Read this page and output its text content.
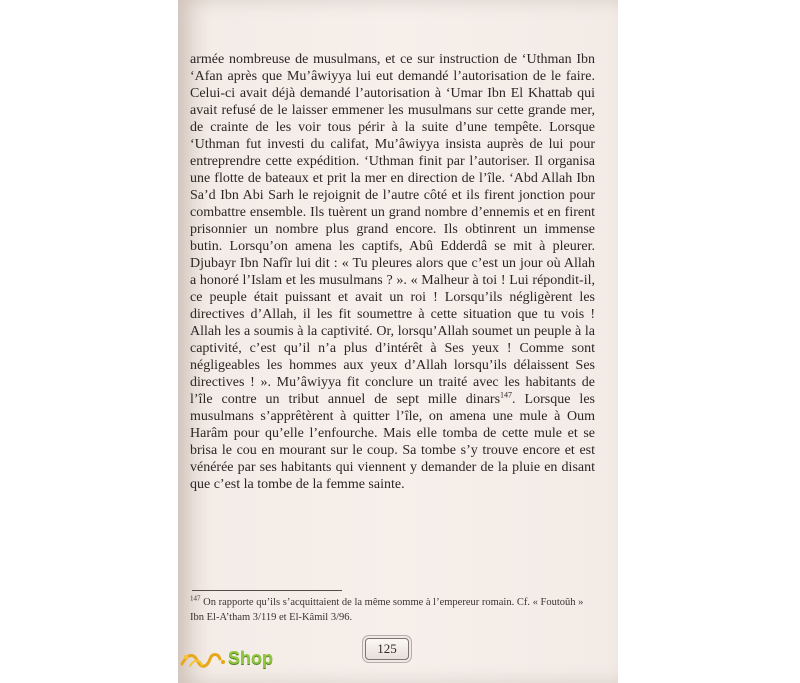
armée nombreuse de musulmans, et ce sur instruction de ‘Uthman Ibn ‘Afan après que Mu’âwiyya lui eut demandé l’autorisation de le faire. Celui-ci avait déjà demandé l’autorisation à ‘Umar Ibn El Khattab qui avait refusé de le laisser emmener les musulmans sur cette grande mer, de crainte de les voir tous périr à la suite d’une tempête. Lorsque ‘Uthman fut investi du califat, Mu’âwiyya insista auprès de lui pour entreprendre cette expédition. ‘Uthman finit par l’autoriser. Il organisa une flotte de bateaux et prit la mer en direction de l’île. ‘Abd Allah Ibn Sa’d Ibn Abi Sarh le rejoignit de l’autre côté et ils firent jonction pour combattre ensemble. Ils tuèrent un grand nombre d’ennemis et en firent prisonnier un nombre plus grand encore. Ils obtinrent un immense butin. Lorsqu’on amena les captifs, Abû Edderdâ se mit à pleurer. Djubayr Ibn Nafîr lui dit : « Tu pleures alors que c’est un jour où Allah a honoré l’Islam et les musulmans ? ». « Malheur à toi ! Lui répondit-il, ce peuple était puissant et avait un roi ! Lorsqu’ils négligèrent les directives d’Allah, il les fit soumettre à cette situation que tu vois ! Allah les a soumis à la captivité. Or, lorsqu’Allah soumet un peuple à la captivité, c’est qu’il n’a plus d’intérêt à Ses yeux ! Comme sont négligeables les hommes aux yeux d’Allah lorsqu’ils délaissent Ses directives ! ». Mu’âwiyya fit conclure un traité avec les habitants de l’île contre un tribut annuel de sept mille dinars$^{147}$. Lorsque les musulmans s’apprêtèrent à quitter l’île, on amena une mule à Oum Harâm pour qu’elle l’enfourche. Mais elle tomba de cette mule et se brisa le cou en mourant sur le coup. Sa tombe s’y trouve encore et est vénérée par ses habitants qui viennent y demander de la pluie en disant que c’est la tombe de la femme sainte.

$^{147}$ On rapporte qu’ils s’acquittaient de la même somme à l’empereur romain. Cf. « Foutoûh » Ibn El-A’tham 3/119 et El-Kâmil 3/96.

Shop	125
